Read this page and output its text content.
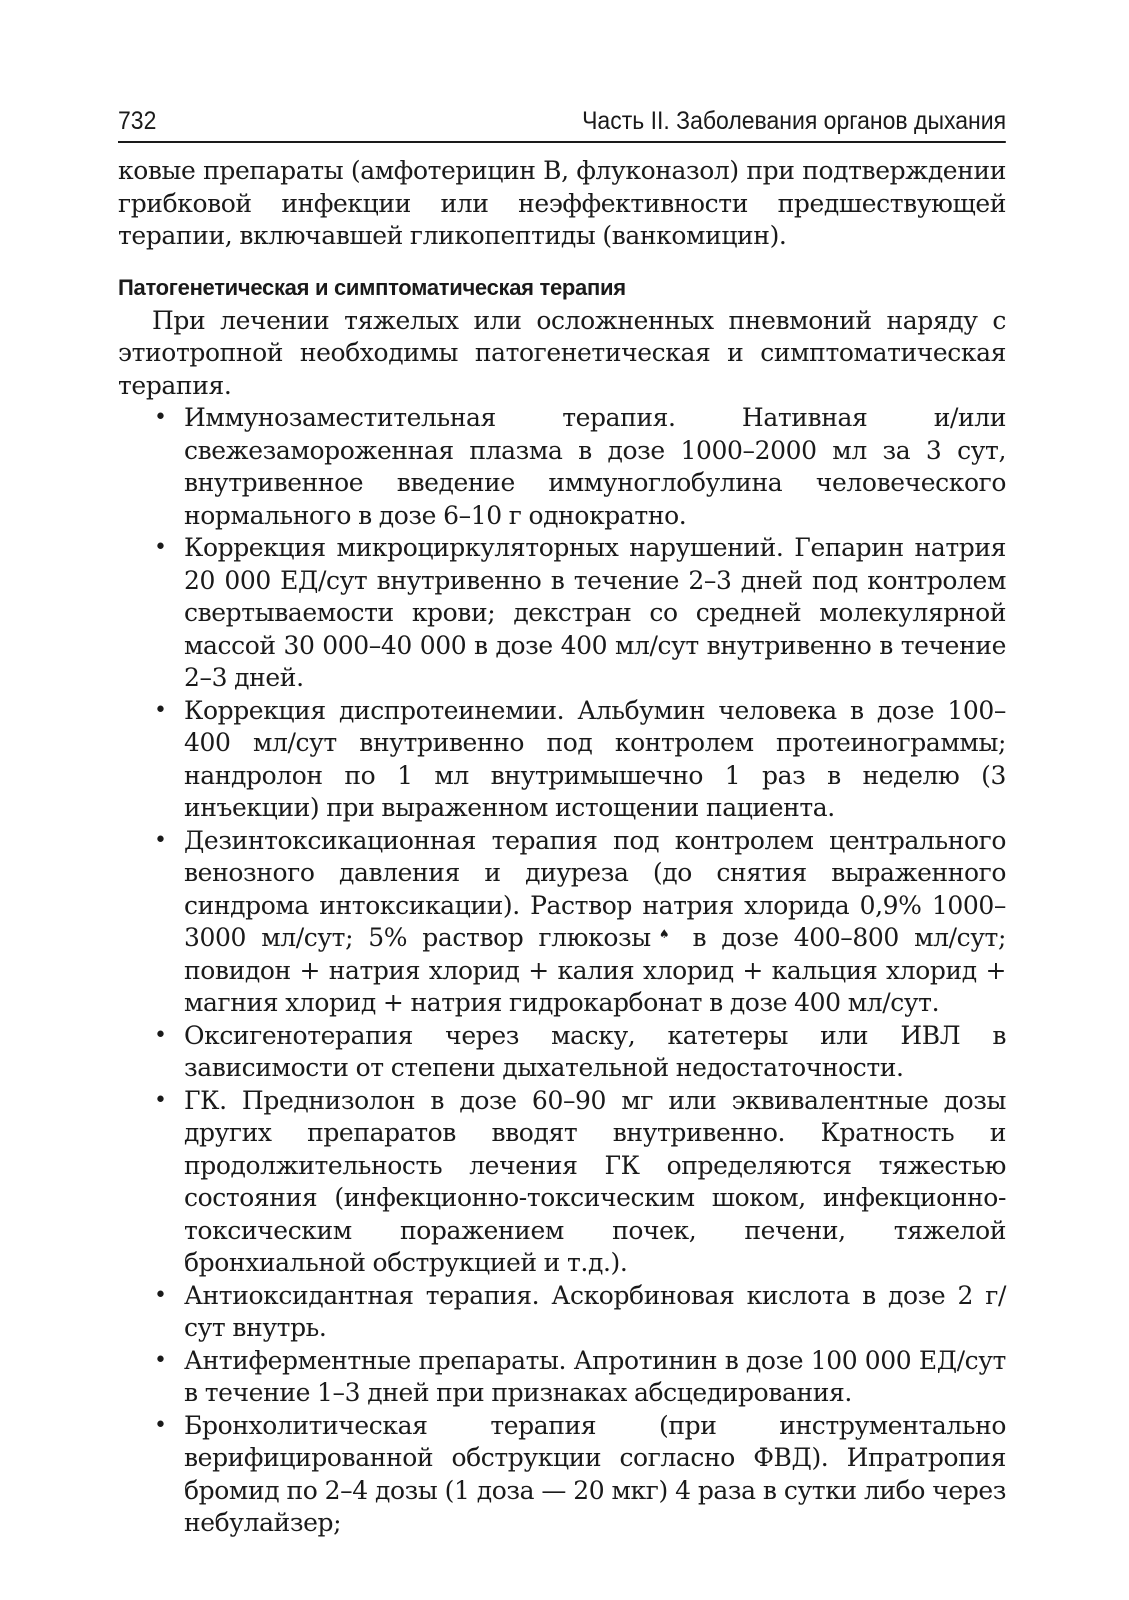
732	Часть II. Заболевания органов дыхания
ковые препараты (амфотерицин В, флуконазол) при подтверждении грибковой инфекции или неэффективности предшествующей терапии, включавшей гликопептиды (ванкомицин).
Патогенетическая и симптоматическая терапия

При лечении тяжелых или осложненных пневмоний наряду с этиотропной необходимы патогенетическая и симптоматическая терапия.

• Иммунозаместительная терапия. Нативная и/или свежезамороженная плазма в дозе 1000–2000 мл за 3 сут, внутривенное введение иммуноглобулина человеческого нормального в дозе 6–10 г однократно.
• Коррекция микроциркуляторных нарушений. Гепарин натрия 20 000 ЕД/сут внутривенно в течение 2–3 дней под контролем свертываемости крови; декстран со средней молекулярной массой 30 000–40 000 в дозе 400 мл/сут внутривенно в течение 2–3 дней.
• Коррекция диспротеинемии. Альбумин человека в дозе 100–400 мл/сут внутривенно под контролем протеинограммы; нандролон по 1 мл внутримышечно 1 раз в неделю (3 инъекции) при выраженном истощении пациента.
• Дезинтоксикационная терапия под контролем центрального венозного давления и диуреза (до снятия выраженного синдрома интоксикации). Раствор натрия хлорида 0,9% 1000–3000 мл/сут; 5% раствор глюкозы♠ в дозе 400–800 мл/сут; повидон + натрия хлорид + калия хлорид + кальция хлорид + магния хлорид + натрия гидрокарбонат в дозе 400 мл/сут.
• Оксигенотерапия через маску, катетеры или ИВЛ в зависимости от степени дыхательной недостаточности.
• ГК. Преднизолон в дозе 60–90 мг или эквивалентные дозы других препаратов вводят внутривенно. Кратность и продолжительность лечения ГК определяются тяжестью состояния (инфекционно-токсическим шоком, инфекционно-токсическим поражением почек, печени, тяжелой бронхиальной обструкцией и т.д.).
• Антиоксидантная терапия. Аскорбиновая кислота в дозе 2 г/сут внутрь.
• Антиферментные препараты. Апротинин в дозе 100 000 ЕД/сут в течение 1–3 дней при признаках абсцедирования.
• Бронхолитическая терапия (при инструментально верифицированной обструкции согласно ФВД). Ипратропия бромид по 2–4 дозы (1 доза — 20 мкг) 4 раза в сутки либо через небулайзер;
